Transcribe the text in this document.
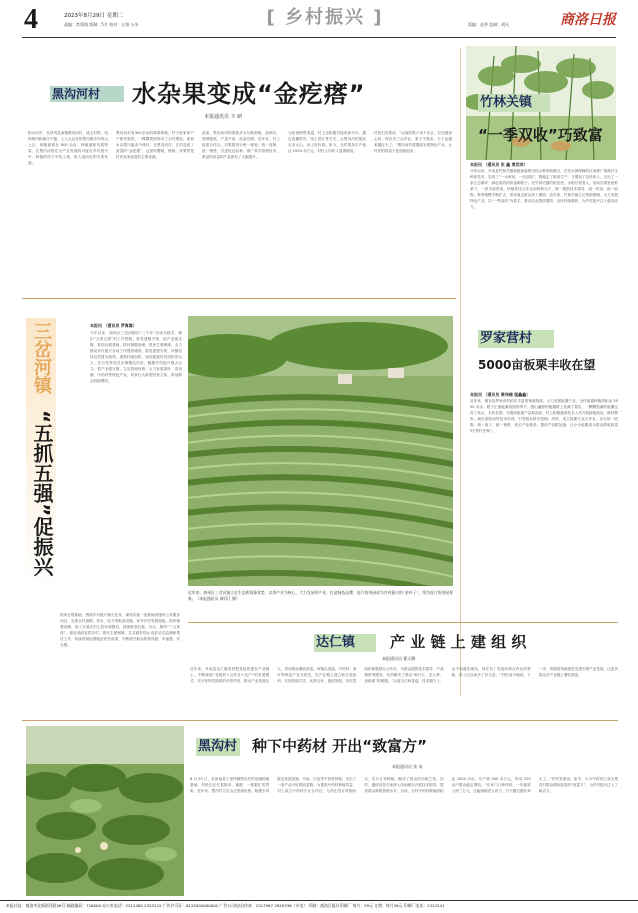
4	2023年8月29日 星期二
责编：常翔翔 版制：5月 校对：五翔 小冬	[ 乡村振兴 ]	商洛日报
版编：叔华 监制：胡凡
黑沟河村 水杂果变成“金疙瘩”
本报通讯员 辛 研
积水河乡，在淳风县商镇黑沟河村，改五村散、结种种内和地可于题，上人大以有的黑沟做多年的山上区，种植面积在 800 余亩，种植面积发展特量，在黑沟河的在全产业发展的对接在乡村振兴中，种植的村子中结上相、收入组织化的关系发展。
黑沟河村有300余亩的林果种植，村子里家家户户都有果园，一棵棵果树带动了全村增收。谁说水杂果只能卖个贱价，在黑沟河村，它们变成了致富的“金疙瘩”，这里的樱桃、核桃、苹果等是村民发家致富的主要来源。
此前，黑沟河村的果树多为分散种植，品种杂、管理粗放，产量不高，收益有限。近年来，村上组建合作社，对果园进行统一规划、统一管理、统一销售，引进优良品种，推广科学管理技术，果品的质量和产量都有了大幅提升。
为拓宽销售渠道，村上还积极对接电商平台，通过直播带货、线上预订等方式，让黑沟河的果品走出大山，卖上好价钱。如今，全村果品年产值达 1000 余万元，村民人均收入显著增加。
村民们笑着说：“以前的果子卖不出去，烂在地里心疼；现在有了合作社，果子不愁卖，日子也越来越红火了。”黑沟河村将继续发展特色产业，让村民的钱袋子更加鼓起来。
竹林关镇
“一季双收”巧致富
本报讯 （通讯员 张 鑫 贾奕欢）
今年以来，丹凤县竹林关镇积极探索稻田综合种养新模式，在有水源保障的区域推广稻渔共生种养技术，实现了“一水两用、一田双收”，既稳定了粮食生产，又增加了农民收入，走出了一条生态循环、绿色高效的致富新路子。在竹林关镇的稻田里，水稻长势喜人，田间沟渠里鱼虾游弋，一派丰收景象。该镇依托合作社和种养大户，统一提供技术指导、统一供苗、统一收购，种养规模不断扩大，带动周边群众务工增收。近年来，竹林关镇立足资源禀赋，大力发展特色产业，以“一季双收”为抓手，推动农业提质增效、农民持续增收，为乡村振兴注入强劲动力。
三岔河镇
“五抓五强”促振兴
本报讯 （通讯员 罗寓嵩）
今年以来，商州区三岔河镇以“三个年”活动为抓手，紧扣“五抓五强”的工作思路，抓党建强引领、抓产业强支撑、抓项目强基础、抓环境强治理、抓民生强保障，全力推动乡村振兴各项工作提质增效。抓党建强引领，该镇坚持以党建为统领，建强村级组织，选优配强村党组织带头人，充分发挥党员先锋模范作用，凝聚乡村振兴强大合力。抓产业强支撑，立足资源优势，大力发展茶叶、食用菌、中药材等特色产业，培育壮大新型经营主体，带动群众持续增收。
近年来，商州区三岔河镇立足生态和资源优势，以茶产业为核心，大力发展茶产业，打造绿色品牌，连片的茶园成为乡村振兴的“金叶子”。图为连片的茶园景象。（本报通讯员 周旧江 摄）
抓项目强基础，围绕乡村振兴重点任务，谋划实施一批基础设施和公共服务项目，完善农村道路、供水、电力等配套设施，补齐乡村发展短板。抓环境强治理，深入开展农村人居环境整治，持续推进垃圾、污水、厕所“三大革命”，建设美丽宜居乡村。抓民生强保障，扎实做好防止返贫动态监测和帮扶工作，持续巩固拓展脱贫攻坚成果，不断提升群众的获得感、幸福感、安全感。
罗家营村
5000亩板栗丰收在望
本报讯 （通讯员 章伟楠 程鑫鑫）
近年来，镇安县罗家营村依托丰富的林地资源，大力发展板栗产业，全村板栗种植面积达 5000 余亩。眼下正值板栗成熟的季节，漫山遍野的板栗树上挂满了果实，一颗颗饱满的板栗压弯了枝头，丰收在望。为提高板栗产量和品质，村上积极邀请技术人员开展嫁接改良、修枝整形、病虫害防治等技术培训，引导群众科学管理。同时，成立板栗专业合作社，实行统一收购、统一加工、统一销售，延长产业链条，提高产品附加值，让小小板栗成为群众增收致富的“铁杆庄稼”。
达仁镇 产 业 链 上 建 组 织
本报通讯员 翟天腾
近年来，丹凤县达仁镇坚持把党组织建在产业链上，不断探索“党组织+合作社+农户”的发展模式，充分发挥党组织的引领作用，推动产业发展壮大，带动群众增收致富。该镇以香菇、中药材、茶叶等特色产业为依托，在产业链上建立联合党组织，实现资源共享、优势互补，抱团发展。各村党组织积极领办合作社，为群众提供技术指导、产品销售等服务，有效解决了群众“种什么、怎么种、卖给谁”的难题。“以前自己种香菇，技术跟不上，也不知道往哪卖，现在有了党组织和合作社的帮助，收入比以前多了好几倍。”村民高兴地说。下一步，该镇将持续推进党建引领产业发展，让更多群众在产业链上增收致富。
黑沟村 种下中药材 开出“致富方”
本报通讯员 张 英
8 月 25 日，在商南县十里坪镇黑沟村的连翘种植基地，村民们正忙着除草、施肥，一派繁忙的景象。近年来，黑沟村立足山区资源优势，积极引导群众发展连翘、丹参、白及等中药材种植，走出了一条产业兴旺的致富路。为提高中药材种植效益，村上成立中药材专业合作社，与药企签订收购协议，实行订单种植，解决了群众的后顾之忧。同时，邀请农技专家深入田间地头开展技术指导，提高群众种植管理水平。目前，全村中药材种植面积达 2000 余亩，年产值 500 余万元，带动 200 余户群众稳定增收。“在家门口种药材，一年能收入两三万元，还能照顾老人孩子，日子越过越有奔头了。”村民笑着说。如今，小小中药材已成为黑沟村群众增收致富的“致富方”，为乡村振兴注入了新活力。
本报社址：商洛市北新街西段58号 邮政编码：726000 办公室电话：2313480 2325222 广告许可证：6125004000002 广告公司电话/传真：2317967 2829336（专电） 印刷：商洛日报社印刷厂 每月：39元 订购：每月36元 印刷厂电话：2312541
